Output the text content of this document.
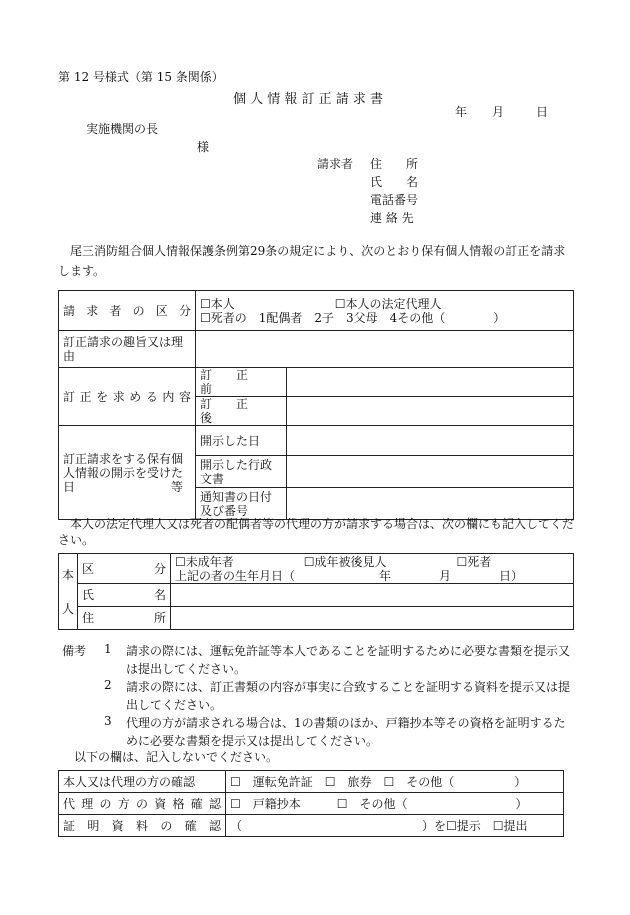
第 12 号様式（第 15 条関係）
個 人 情 報 訂 正 請 求 書
年 月	日
実施機関の長
様
請求者 住　　所
氏　　名
電話番号
連 絡 先
　尾三消防組合個人情報保護条例第29条の規定により、次のとおり保有個人情報の訂正を請求します。
請求者の区分	☐本人 ☐本人の法定代理人
☐死者の　1配偶者　2子　3父母　4その他（　　　　）	

訂正請求の趣旨又は理由		

訂正を求める内容	訂　　正　　前	
	訂　　正　　後	

訂正請求をする保有個人情報の開示を受けた日等	開示した日	

	開示した行政文書	

	通知書の日付及び番号	

　本人の法定代理人又は死者の配偶者等の代理の方が請求する場合は、次の欄にも記入してください。
本人	区　　　　分	☐未成年者 ☐成年被後見人 ☐死者
上記の者の生年月日（　　　　　　　年　　　　月　　　　日）

	氏　　　　名	

	住　　　　所	

備考 1 請求の際には、運転免許証等本人であることを証明するために必要な書類を提示又は提出してください。
2 請求の際には、訂正書類の内容が事実に合致することを証明する資料を提示又は提出してください。
3 代理の方が請求される場合は、1の書類のほか、戸籍抄本等その資格を証明するために必要な書類を提示又は提出してください。
以下の欄は、記入しないでください。
本人又は代理の方の確認	☐　運転免許証　☐　旅券　☐　その他（　　　　　）

代理の方の資格確認	☐　戸籍抄本　　　☐　その他（　　　　　　　　　）

証明資料の確認	（　　　　　　　　　　　　　　　）を☐提示　☐提出
